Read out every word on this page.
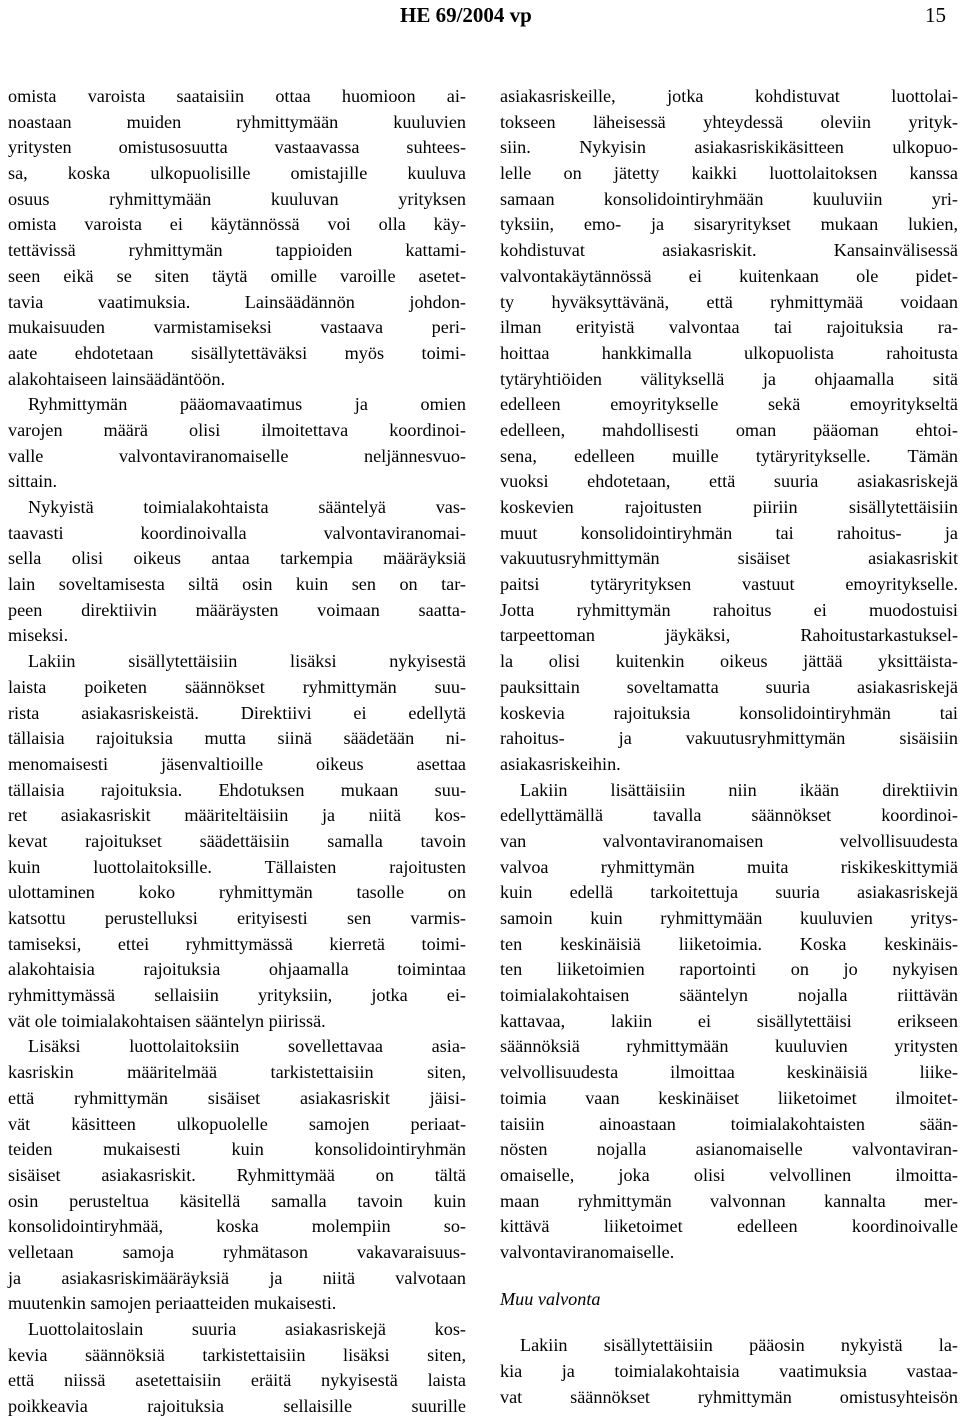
HE 69/2004 vp	15
omista varoista saataisiin ottaa huomioon ai-
noastaan muiden ryhmittymään kuuluvien
yritysten omistusosuutta vastaavassa suhtees-
sa, koska ulkopuolisille omistajille kuuluva
osuus ryhmittymään kuuluvan yrityksen
omista varoista ei käytännössä voi olla käy-
tettävissä ryhmittymän tappioiden kattami-
seen eikä se siten täytä omille varoille asetet-
tavia vaatimuksia. Lainsäädännön johdon-
mukaisuuden varmistamiseksi vastaava peri-
aate ehdotetaan sisällytettäväksi myös toimi-
alakohtaiseen lainsäädäntöön.
Ryhmittymän pääomavaatimus ja omien
varojen määrä olisi ilmoitettava koordinoi-
valle valvontaviranomaiselle neljännesvuo-
sittain.
Nykyistä toimialakohtaista sääntelyä vas-
taavasti koordinoivalla valvontaviranomai-
sella olisi oikeus antaa tarkempia määräyksiä
lain soveltamisesta siltä osin kuin sen on tar-
peen direktiivin määräysten voimaan saatta-
miseksi.
Lakiin sisällytettäisiin lisäksi nykyisestä
laista poiketen säännökset ryhmittymän suu-
rista asiakasriskeistä. Direktiivi ei edellytä
tällaisia rajoituksia mutta siinä säädetään ni-
menomaisesti jäsenvaltioille oikeus asettaa
tällaisia rajoituksia. Ehdotuksen mukaan suu-
ret asiakasriskit määriteltäisiin ja niitä kos-
kevat rajoitukset säädettäisiin samalla tavoin
kuin luottolaitoksille. Tällaisten rajoitusten
ulottaminen koko ryhmittymän tasolle on
katsottu perustelluksi erityisesti sen varmis-
tamiseksi, ettei ryhmittymässä kierretä toimi-
alakohtaisia rajoituksia ohjaamalla toimintaa
ryhmittymässä sellaisiin yrityksiin, jotka ei-
vät ole toimialakohtaisen sääntelyn piirissä.
Lisäksi luottolaitoksiin sovellettavaa asia-
kasriskin määritelmää tarkistettaisiin siten,
että ryhmittymän sisäiset asiakasriskit jäisi-
vät käsitteen ulkopuolelle samojen periaat-
teiden mukaisesti kuin konsolidointiryhmän
sisäiset asiakasriskit. Ryhmittymää on tältä
osin perusteltua käsitellä samalla tavoin kuin
konsolidointiryhmää, koska molempiin so-
velletaan samoja ryhmätason vakavaraisuus-
ja asiakasriskimääräyksiä ja niitä valvotaan
muutenkin samojen periaatteiden mukaisesti.
Luottolaitoslain suuria asiakasriskejä kos-
kevia säännöksiä tarkistettaisiin lisäksi siten,
että niissä asetettaisiin eräitä nykyisestä laista
poikkeavia rajoituksia sellaisille suurille
asiakasriskeille, jotka kohdistuvat luottolai-
tokseen läheisessä yhteydessä oleviin yrityk-
siin. Nykyisin asiakasriskikäsitteen ulkopuo-
lelle on jätetty kaikki luottolaitoksen kanssa
samaan konsolidointiryhmään kuuluviin yri-
tyksiin, emo- ja sisaryritykset mukaan lukien,
kohdistuvat asiakasriskit. Kansainvälisessä
valvontakäytännössä ei kuitenkaan ole pidet-
ty hyväksyttävänä, että ryhmittymää voidaan
ilman erityistä valvontaa tai rajoituksia ra-
hoittaa hankkimalla ulkopuolista rahoitusta
tytäryhtiöiden välityksellä ja ohjaamalla sitä
edelleen emoyritykselle sekä emoyritykseltä
edelleen, mahdollisesti oman pääoman ehtoi-
sena, edelleen muille tytäryritykselle. Tämän
vuoksi ehdotetaan, että suuria asiakasriskejä
koskevien rajoitusten piiriin sisällytettäisiin
muut konsolidointiryhmän tai rahoitus- ja
vakuutusryhmittymän sisäiset asiakasriskit
paitsi tytäryrityksen vastuut emoyritykselle.
Jotta ryhmittymän rahoitus ei muodostuisi
tarpeettoman jäykäksi, Rahoitustarkastuksel-
la olisi kuitenkin oikeus jättää yksittäista-
pauksittain soveltamatta suuria asiakasriskejä
koskevia rajoituksia konsolidointiryhmän tai
rahoitus- ja vakuutusryhmittymän sisäisiin
asiakasriskeihin.
Lakiin lisättäisiin niin ikään direktiivin
edellyttämällä tavalla säännökset koordinoi-
van valvontaviranomaisen velvollisuudesta
valvoa ryhmittymän muita riskikeskittymiä
kuin edellä tarkoitettuja suuria asiakasriskejä
samoin kuin ryhmittymään kuuluvien yritys-
ten keskinäisiä liiketoimia. Koska keskinäis-
ten liiketoimien raportointi on jo nykyisen
toimialakohtaisen sääntelyn nojalla riittävän
kattavaa, lakiin ei sisällytettäisi erikseen
säännöksiä ryhmittymään kuuluvien yritysten
velvollisuudesta ilmoittaa keskinäisiä liike-
toimia vaan keskinäiset liiketoimet ilmoitet-
taisiin ainoastaan toimialakohtaisten sään-
nösten nojalla asianomaiselle valvontaviran-
omaiselle, joka olisi velvollinen ilmoitta-
maan ryhmittymän valvonnan kannalta mer-
kittävä liiketoimet edelleen koordinoivalle
valvontaviranomaiselle.
Muu valvonta
Lakiin sisällytettäisiin pääosin nykyistä la-
kia ja toimialakohtaisia vaatimuksia vastaa-
vat säännökset ryhmittymän omistusyhteisön
